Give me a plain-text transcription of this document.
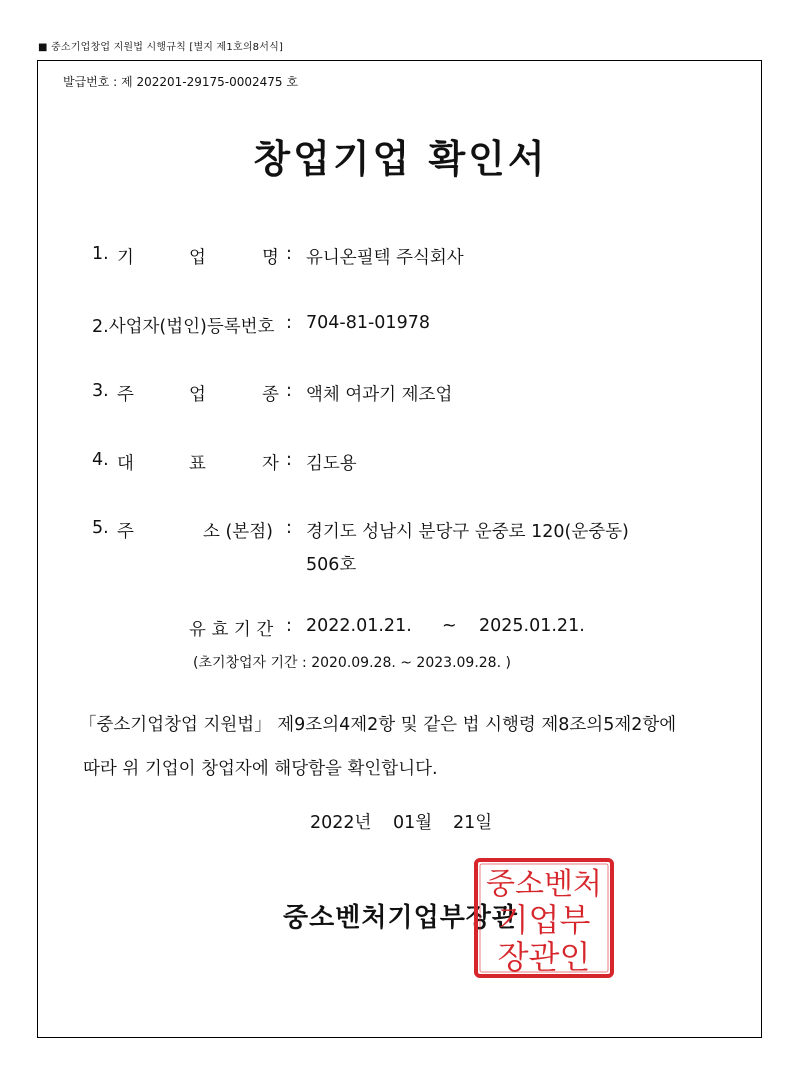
■ 중소기업창업 지원법 시행규칙 [별지 제1호의8서식]
발급번호 : 제 202201-29175-0002475 호
창업기업 확인서
1. 기	업	명 : 유니온필텍 주식회사
2.사업자(법인)등록번호 : 704-81-01978
3. 주	업	종 : 액체 여과기 제조업
4. 대	표	자 : 김도용
5. 주	소 (본점) : 경기도 성남시 분당구 운중로 120(운중동)
506호
유 효 기 간 : 2022.01.21. ~ 2025.01.21.
(초기창업자 기간 : 2020.09.28. ~ 2023.09.28. )
「중소기업창업 지원법」 제9조의4제2항 및 같은 법 시행령 제8조의5제2항에
따라 위 기업이 창업자에 해당함을 확인합니다.
2022년 01월 21일
중소벤처기업부장관
중소벤처
기업부
장관인
